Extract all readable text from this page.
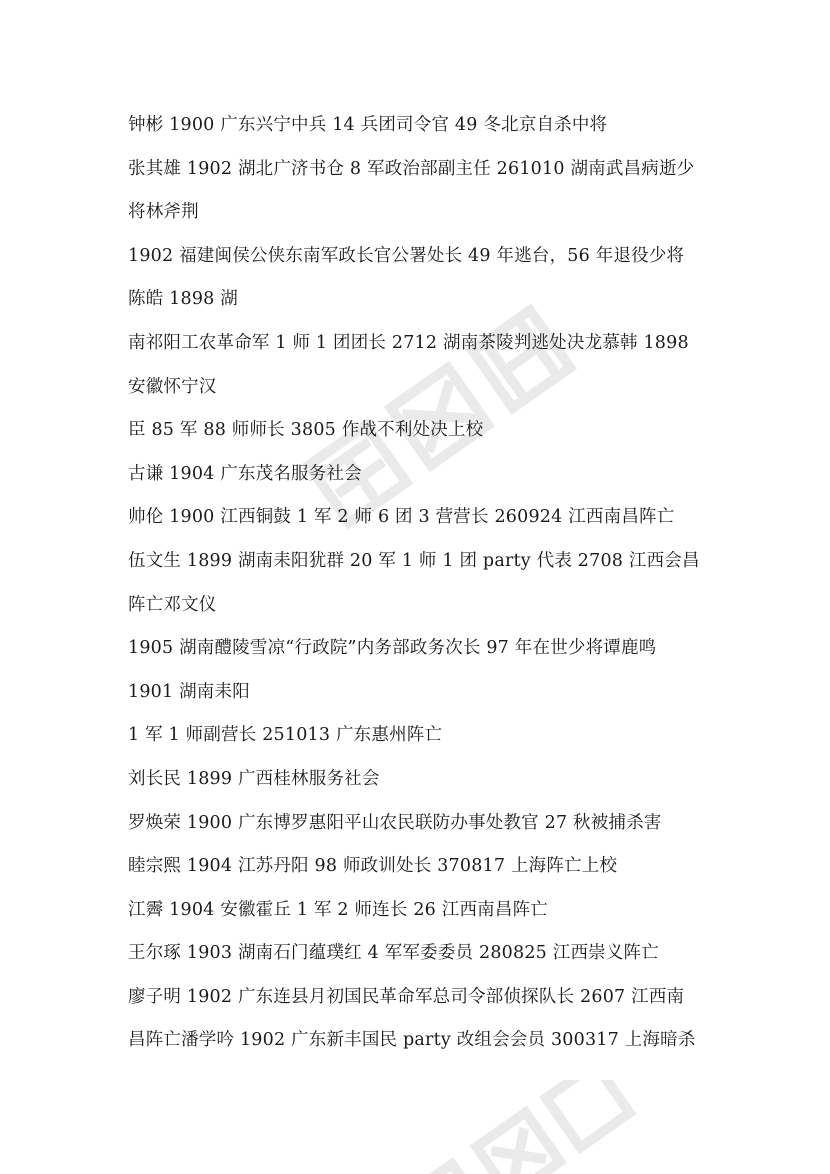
钟彬 1900 广东兴宁中兵 14 兵团司令官 49 冬北京自杀中将
张其雄 1902 湖北广济书仓 8 军政治部副主任 261010 湖南武昌病逝少
将林斧荆
1902 福建闽侯公侠东南军政长官公署处长 49 年逃台，56 年退役少将
陈皓 1898 湖
南祁阳工农革命军 1 师 1 团团长 2712 湖南茶陵判逃处决龙慕韩 1898
安徽怀宁汉
臣 85 军 88 师师长 3805 作战不利处决上校
古谦 1904 广东茂名服务社会
帅伦 1900 江西铜鼓 1 军 2 师 6 团 3 营营长 260924 江西南昌阵亡
伍文生 1899 湖南耒阳犹群 20 军 1 师 1 团 party 代表 2708 江西会昌
阵亡邓文仪
1905 湖南醴陵雪凉“行政院”内务部政务次长 97 年在世少将谭鹿鸣
1901 湖南耒阳
1 军 1 师副营长 251013 广东惠州阵亡
刘长民 1899 广西桂林服务社会
罗焕荣 1900 广东博罗惠阳平山农民联防办事处教官 27 秋被捕杀害
睦宗熙 1904 江苏丹阳 98 师政训处长 370817 上海阵亡上校
江霽 1904 安徽霍丘 1 军 2 师连长 26 江西南昌阵亡
王尔琢 1903 湖南石门蕴璞红 4 军军委委员 280825 江西崇义阵亡
廖子明 1902 广东连县月初国民革命军总司令部侦探队长 2607 江西南
昌阵亡潘学吟 1902 广东新丰国民 party 改组会会员 300317 上海暗杀
